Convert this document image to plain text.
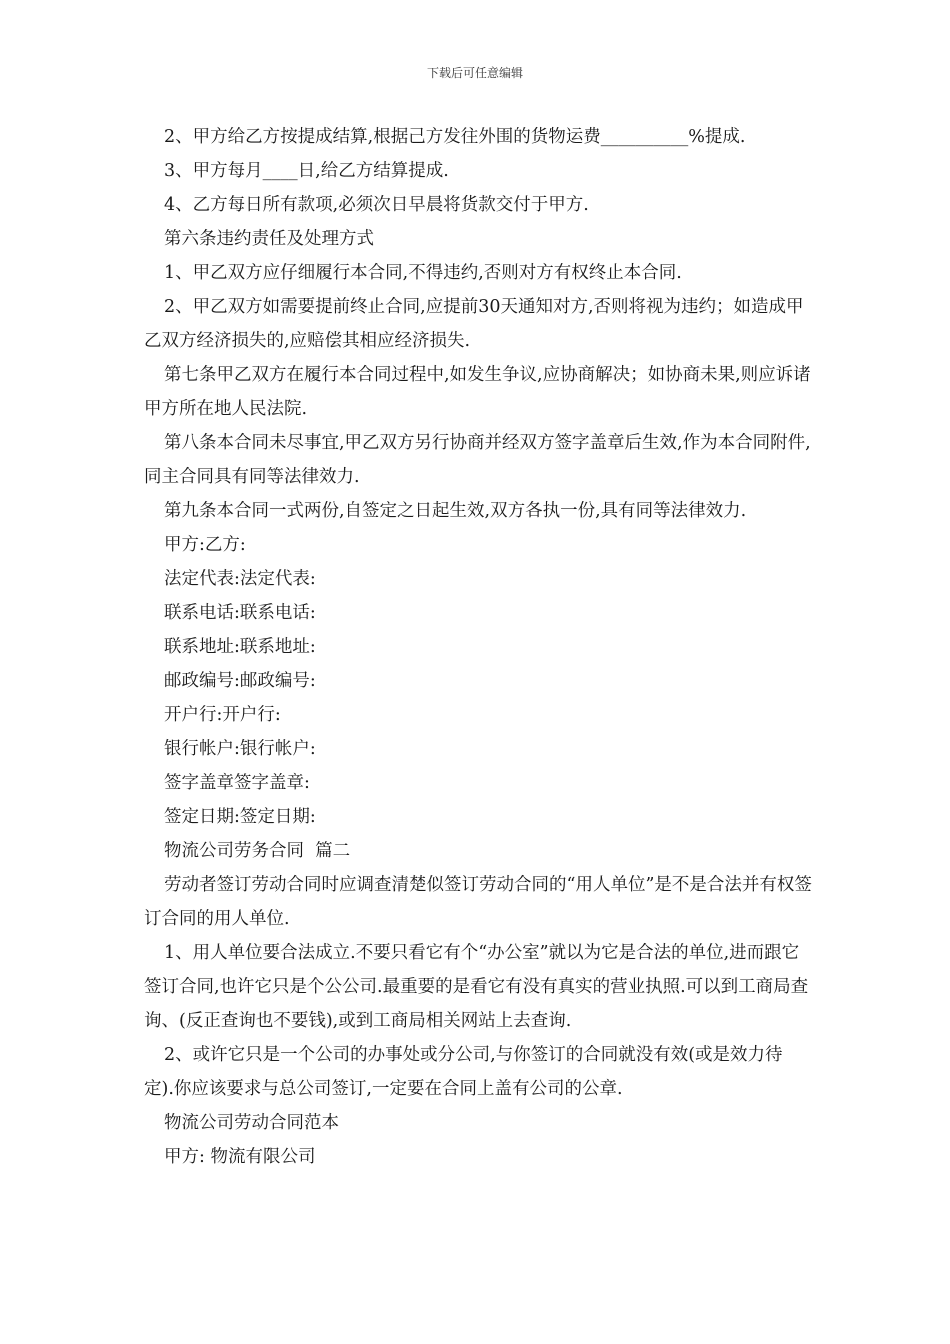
下载后可任意编辑

2、甲方给乙方按提成结算,根据己方发往外围的货物运费__________%提成.

3、甲方每月____日,给乙方结算提成.

4、乙方每日所有款项,必须次日早晨将货款交付于甲方.

第六条违约责任及处理方式

1、甲乙双方应仔细履行本合同,不得违约,否则对方有权终止本合同.

2、甲乙双方如需要提前终止合同,应提前30天通知对方,否则将视为违约；如造成甲乙双方经济损失的,应赔偿其相应经济损失.

第七条甲乙双方在履行本合同过程中,如发生争议,应协商解决；如协商未果,则应诉诸甲方所在地人民法院.

第八条本合同未尽事宜,甲乙双方另行协商并经双方签字盖章后生效,作为本合同附件,同主合同具有同等法律效力.

第九条本合同一式两份,自签定之日起生效,双方各执一份,具有同等法律效力.

甲方:乙方:

法定代表:法定代表:

联系电话:联系电话:

联系地址:联系地址:

邮政编号:邮政编号:

开户行:开户行:

银行帐户:银行帐户:

签字盖章签字盖章:

签定日期:签定日期:

物流公司劳务合同  篇二

劳动者签订劳动合同时应调查清楚似签订劳动合同的“用人单位”是不是合法并有权签订合同的用人单位.

1、用人单位要合法成立.不要只看它有个“办公室”就以为它是合法的单位,进而跟它签订合同,也许它只是个公公司.最重要的是看它有没有真实的营业执照.可以到工商局查询、(反正查询也不要钱),或到工商局相关网站上去查询.

2、或许它只是一个公司的办事处或分公司,与你签订的合同就没有效(或是效力待定).你应该要求与总公司签订,一定要在合同上盖有公司的公章.

物流公司劳动合同范本

甲方: 物流有限公司
